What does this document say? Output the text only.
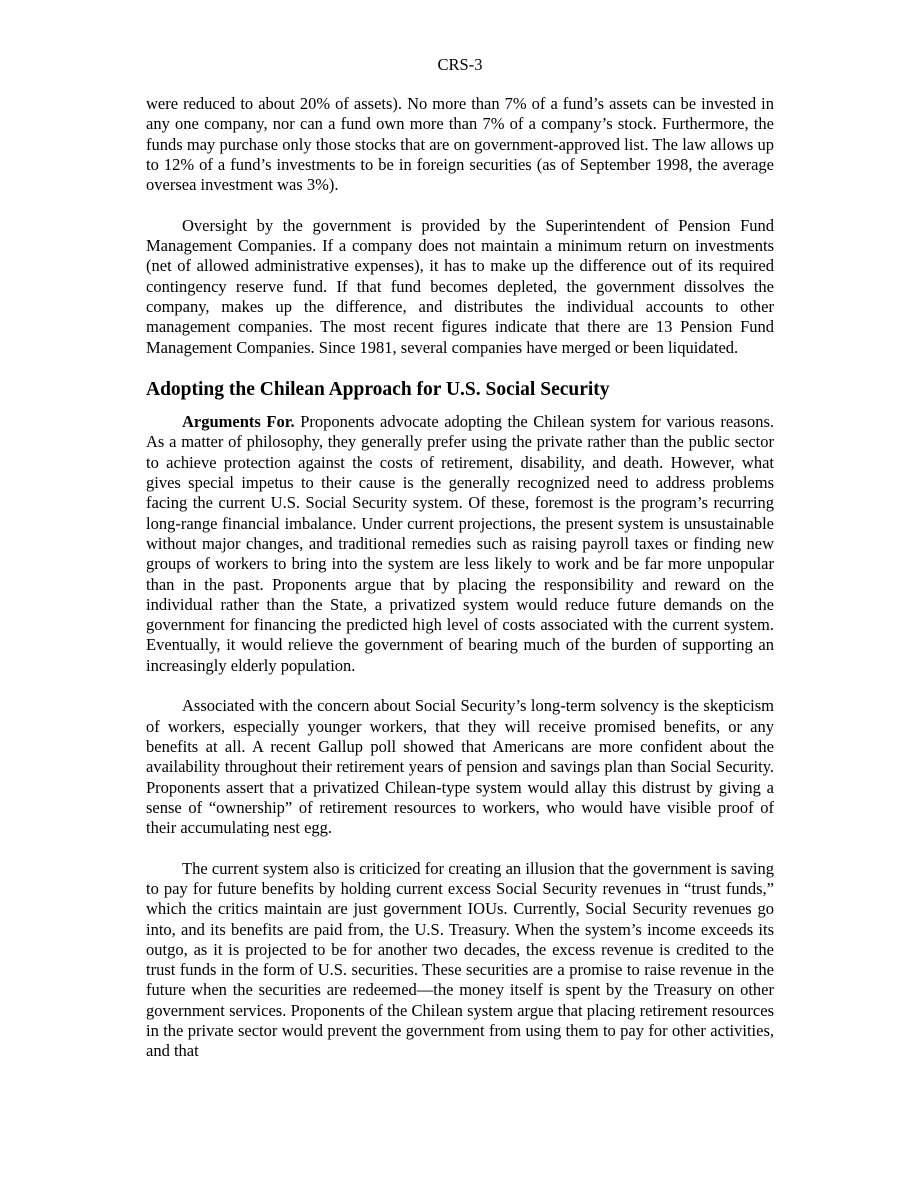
CRS-3

were reduced to about 20% of assets). No more than 7% of a fund’s assets can be invested in any one company, nor can a fund own more than 7% of a company’s stock. Furthermore, the funds may purchase only those stocks that are on government-approved list. The law allows up to 12% of a fund’s investments to be in foreign securities (as of September 1998, the average oversea investment was 3%).

Oversight by the government is provided by the Superintendent of Pension Fund Management Companies. If a company does not maintain a minimum return on investments (net of allowed administrative expenses), it has to make up the difference out of its required contingency reserve fund. If that fund becomes depleted, the government dissolves the company, makes up the difference, and distributes the individual accounts to other management companies. The most recent figures indicate that there are 13 Pension Fund Management Companies. Since 1981, several companies have merged or been liquidated.

Adopting the Chilean Approach for U.S. Social Security

Arguments For. Proponents advocate adopting the Chilean system for various reasons. As a matter of philosophy, they generally prefer using the private rather than the public sector to achieve protection against the costs of retirement, disability, and death. However, what gives special impetus to their cause is the generally recognized need to address problems facing the current U.S. Social Security system. Of these, foremost is the program’s recurring long-range financial imbalance. Under current projections, the present system is unsustainable without major changes, and traditional remedies such as raising payroll taxes or finding new groups of workers to bring into the system are less likely to work and be far more unpopular than in the past. Proponents argue that by placing the responsibility and reward on the individual rather than the State, a privatized system would reduce future demands on the government for financing the predicted high level of costs associated with the current system. Eventually, it would relieve the government of bearing much of the burden of supporting an increasingly elderly population.

Associated with the concern about Social Security’s long-term solvency is the skepticism of workers, especially younger workers, that they will receive promised benefits, or any benefits at all. A recent Gallup poll showed that Americans are more confident about the availability throughout their retirement years of pension and savings plan than Social Security. Proponents assert that a privatized Chilean-type system would allay this distrust by giving a sense of “ownership” of retirement resources to workers, who would have visible proof of their accumulating nest egg.

The current system also is criticized for creating an illusion that the government is saving to pay for future benefits by holding current excess Social Security revenues in “trust funds,” which the critics maintain are just government IOUs. Currently, Social Security revenues go into, and its benefits are paid from, the U.S. Treasury. When the system’s income exceeds its outgo, as it is projected to be for another two decades, the excess revenue is credited to the trust funds in the form of U.S. securities. These securities are a promise to raise revenue in the future when the securities are redeemed—the money itself is spent by the Treasury on other government services. Proponents of the Chilean system argue that placing retirement resources in the private sector would prevent the government from using them to pay for other activities, and that
